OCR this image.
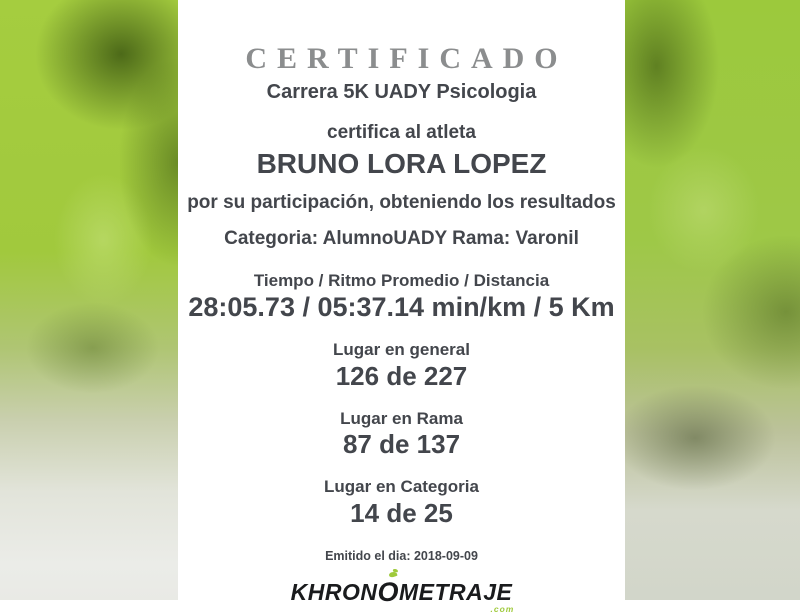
CERTIFICADO
Carrera 5K UADY Psicologia
certifica al atleta
BRUNO LORA LOPEZ
por su participación, obteniendo los resultados
Categoria: AlumnoUADY Rama: Varonil
Tiempo / Ritmo Promedio / Distancia
28:05.73 / 05:37.14 min/km / 5 Km
Lugar en general
126 de 227
Lugar en Rama
87 de 137
Lugar en Categoria
14 de 25
Emitido el dia: 2018-09-09
KHRON O METRAJE
.com
